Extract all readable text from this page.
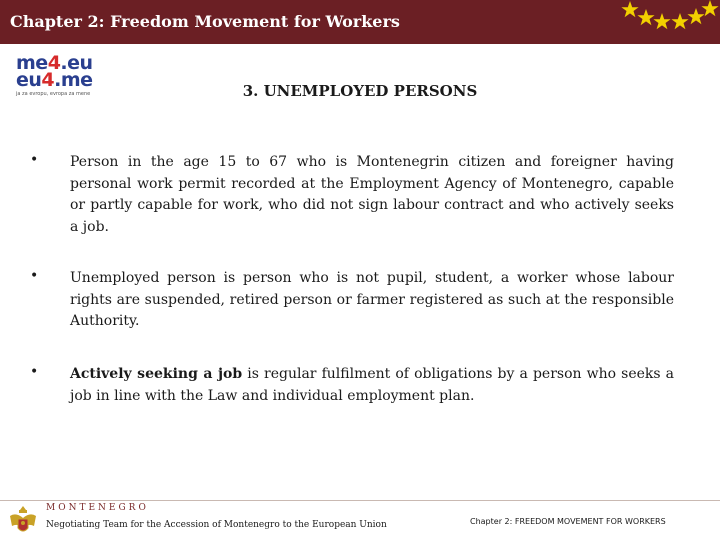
Chapter 2: Freedom Movement for Workers
me4.eu
eu4.me
ja za evropu, evropa za mene	3. UNEMPLOYED PERSONS
• Person in the age 15 to 67 who is Montenegrin citizen and foreigner having personal work permit recorded at the Employment Agency of Montenegro, capable or partly capable for work, who did not sign labour contract and who actively seeks a job.
• Unemployed person is person who is not pupil, student, a worker whose labour rights are suspended, retired person or farmer registered as such at the responsible Authority.
• Actively seeking a job is regular fulfilment of obligations by a person who seeks a job in line with the Law and individual employment plan.
MONTENEGRO
Negotiating Team for the Accession of Montenegro to the European Union	Chapter 2: FREEDOM MOVEMENT FOR WORKERS
